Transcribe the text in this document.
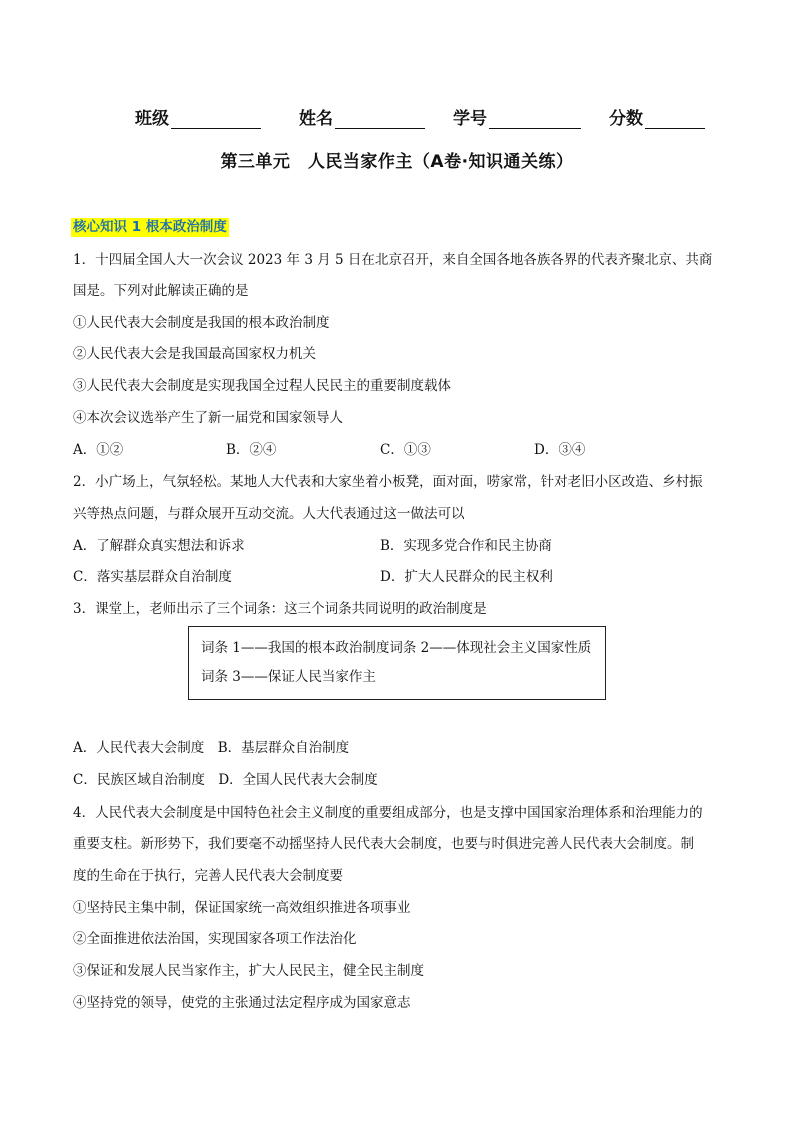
班级	姓名	学号	分数
第三单元　人民当家作主（A卷·知识通关练）
核心知识 1 根本政治制度
1．十四届全国人大一次会议 2023 年 3 月 5 日在北京召开，来自全国各地各族各界的代表齐聚北京、共商
国是。下列对此解读正确的是
①人民代表大会制度是我国的根本政治制度
②人民代表大会是我国最高国家权力机关
③人民代表大会制度是实现我国全过程人民民主的重要制度载体
④本次会议选举产生了新一届党和国家领导人
A．①②	B．②④	C．①③	D．③④
2．小广场上，气氛轻松。某地人大代表和大家坐着小板凳，面对面，唠家常，针对老旧小区改造、乡村振
兴等热点问题，与群众展开互动交流。人大代表通过这一做法可以
A．了解群众真实想法和诉求	B．实现多党合作和民主协商
C．落实基层群众自治制度	D．扩大人民群众的民主权利
3．课堂上，老师出示了三个词条：这三个词条共同说明的政治制度是
词条 1——我国的根本政治制度词条 2——体现社会主义国家性质
词条 3——保证人民当家作主
A．人民代表大会制度　B．基层群众自治制度
C．民族区域自治制度　D．全国人民代表大会制度
4．人民代表大会制度是中国特色社会主义制度的重要组成部分，也是支撑中国国家治理体系和治理能力的
重要支柱。新形势下，我们要毫不动摇坚持人民代表大会制度，也要与时俱进完善人民代表大会制度。制
度的生命在于执行，完善人民代表大会制度要
①坚持民主集中制，保证国家统一高效组织推进各项事业
②全面推进依法治国，实现国家各项工作法治化
③保证和发展人民当家作主，扩大人民民主，健全民主制度
④坚持党的领导，使党的主张通过法定程序成为国家意志
